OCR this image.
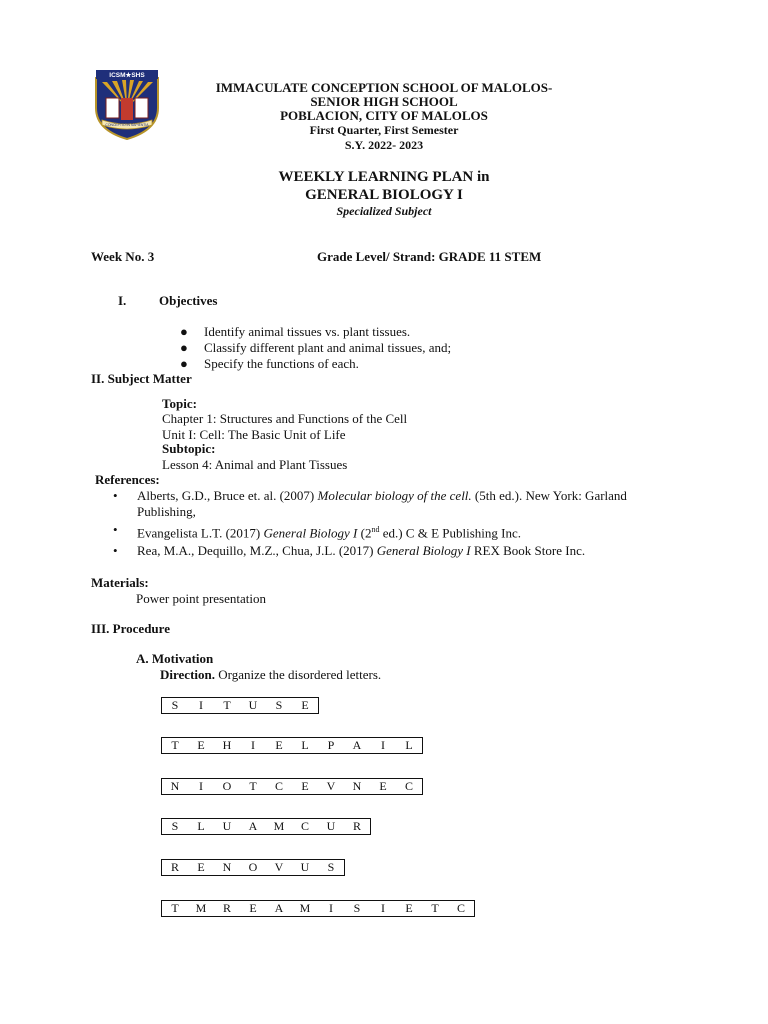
ICSM★SHS
CONCEPTIO IN SAPIENTIA
IMMACULATE CONCEPTION SCHOOL OF MALOLOS-
SENIOR HIGH SCHOOL
POBLACION, CITY OF MALOLOS
First Quarter, First Semester
S.Y. 2022- 2023
WEEKLY LEARNING PLAN in
GENERAL BIOLOGY I
Specialized Subject
Week No. 3	Grade Level/ Strand: GRADE 11 STEM
I.	Objectives
● Identify animal tissues vs. plant tissues.
● Classify different plant and animal tissues, and;
● Specify the functions of each.
II. Subject Matter
Topic:
Chapter 1: Structures and Functions of the Cell
Unit I: Cell: The Basic Unit of Life
Subtopic:
Lesson 4: Animal and Plant Tissues
References:
• Alberts, G.D., Bruce et. al. (2007) Molecular biology of the cell. (5th ed.). New York: Garland Publishing,
• Evangelista L.T. (2017) General Biology I (2nd ed.) C & E Publishing Inc.
• Rea, M.A., Dequillo, M.Z., Chua, J.L. (2017) General Biology I REX Book Store Inc.
Materials:
Power point presentation
III. Procedure
A. Motivation
Direction. Organize the disordered letters.
S	I	T	U	S	E
T	E	H	I	E	L	P	A	I	L
N	I	O	T	C	E	V	N	E	C
S	L	U	A	M	C	U	R
R	E	N	O	V	U	S
T	M	R	E	A	M	I	S	I	E	T	C
